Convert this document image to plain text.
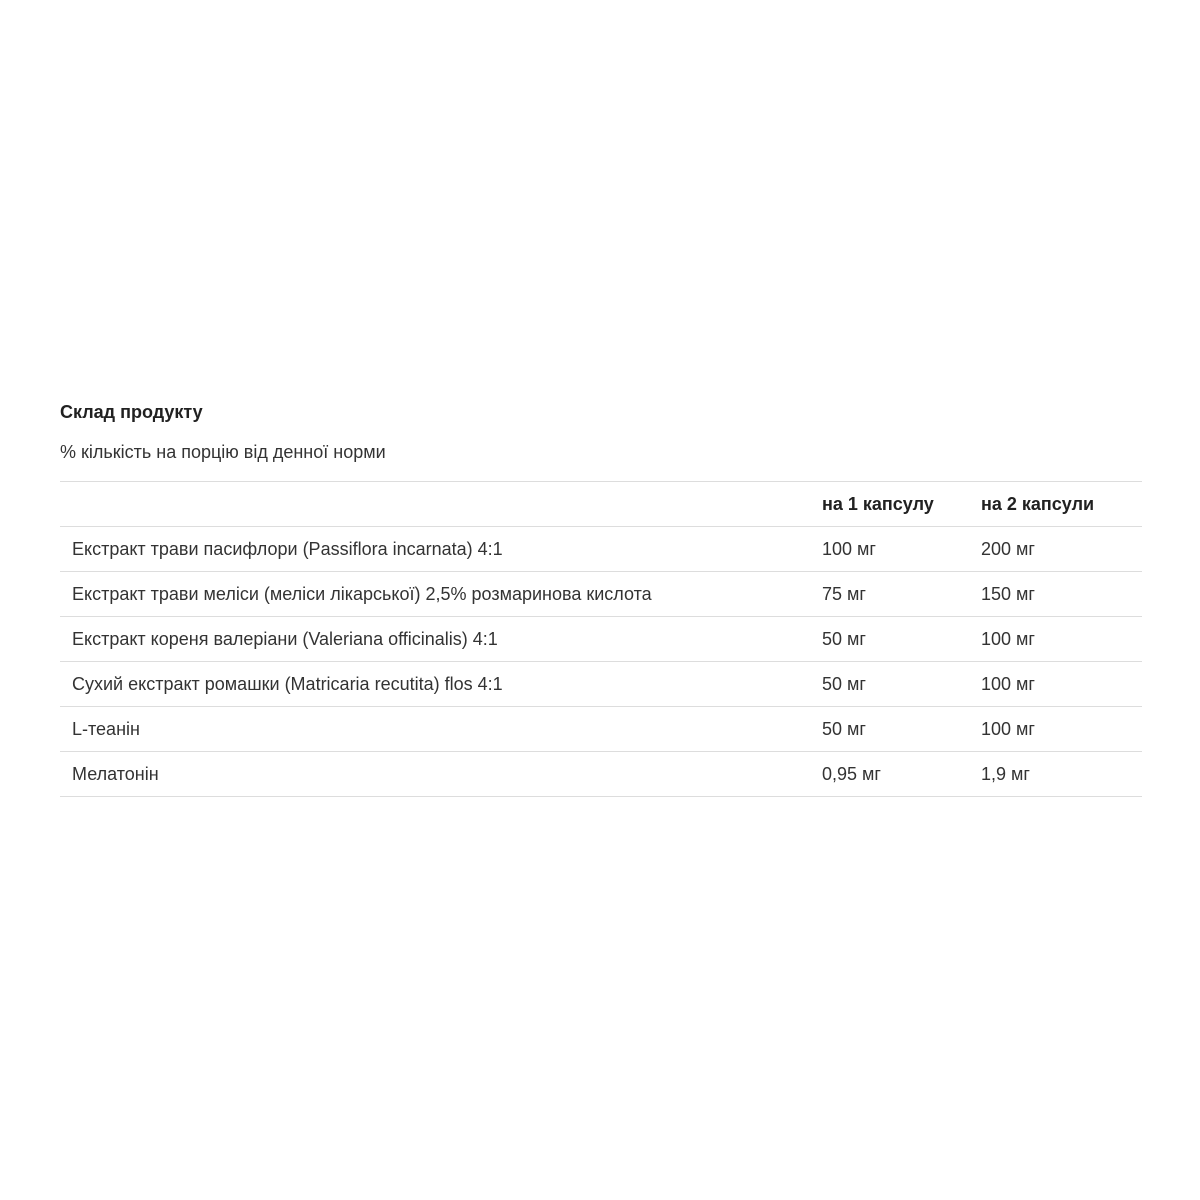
Склад продукту
% кількість на порцію від денної норми
	на 1 капсулу	на 2 капсули
Екстракт трави пасифлори (Passiflora incarnata) 4:1	100 мг	200 мг
Екстракт трави меліси (меліси лікарської) 2,5% розмаринова кислота	75 мг	150 мг
Екстракт кореня валеріани (Valeriana officinalis) 4:1	50 мг	100 мг
Сухий екстракт ромашки (Matricaria recutita) flos 4:1	50 мг	100 мг
L-теанін	50 мг	100 мг
Мелатонін	0,95 мг	1,9 мг
